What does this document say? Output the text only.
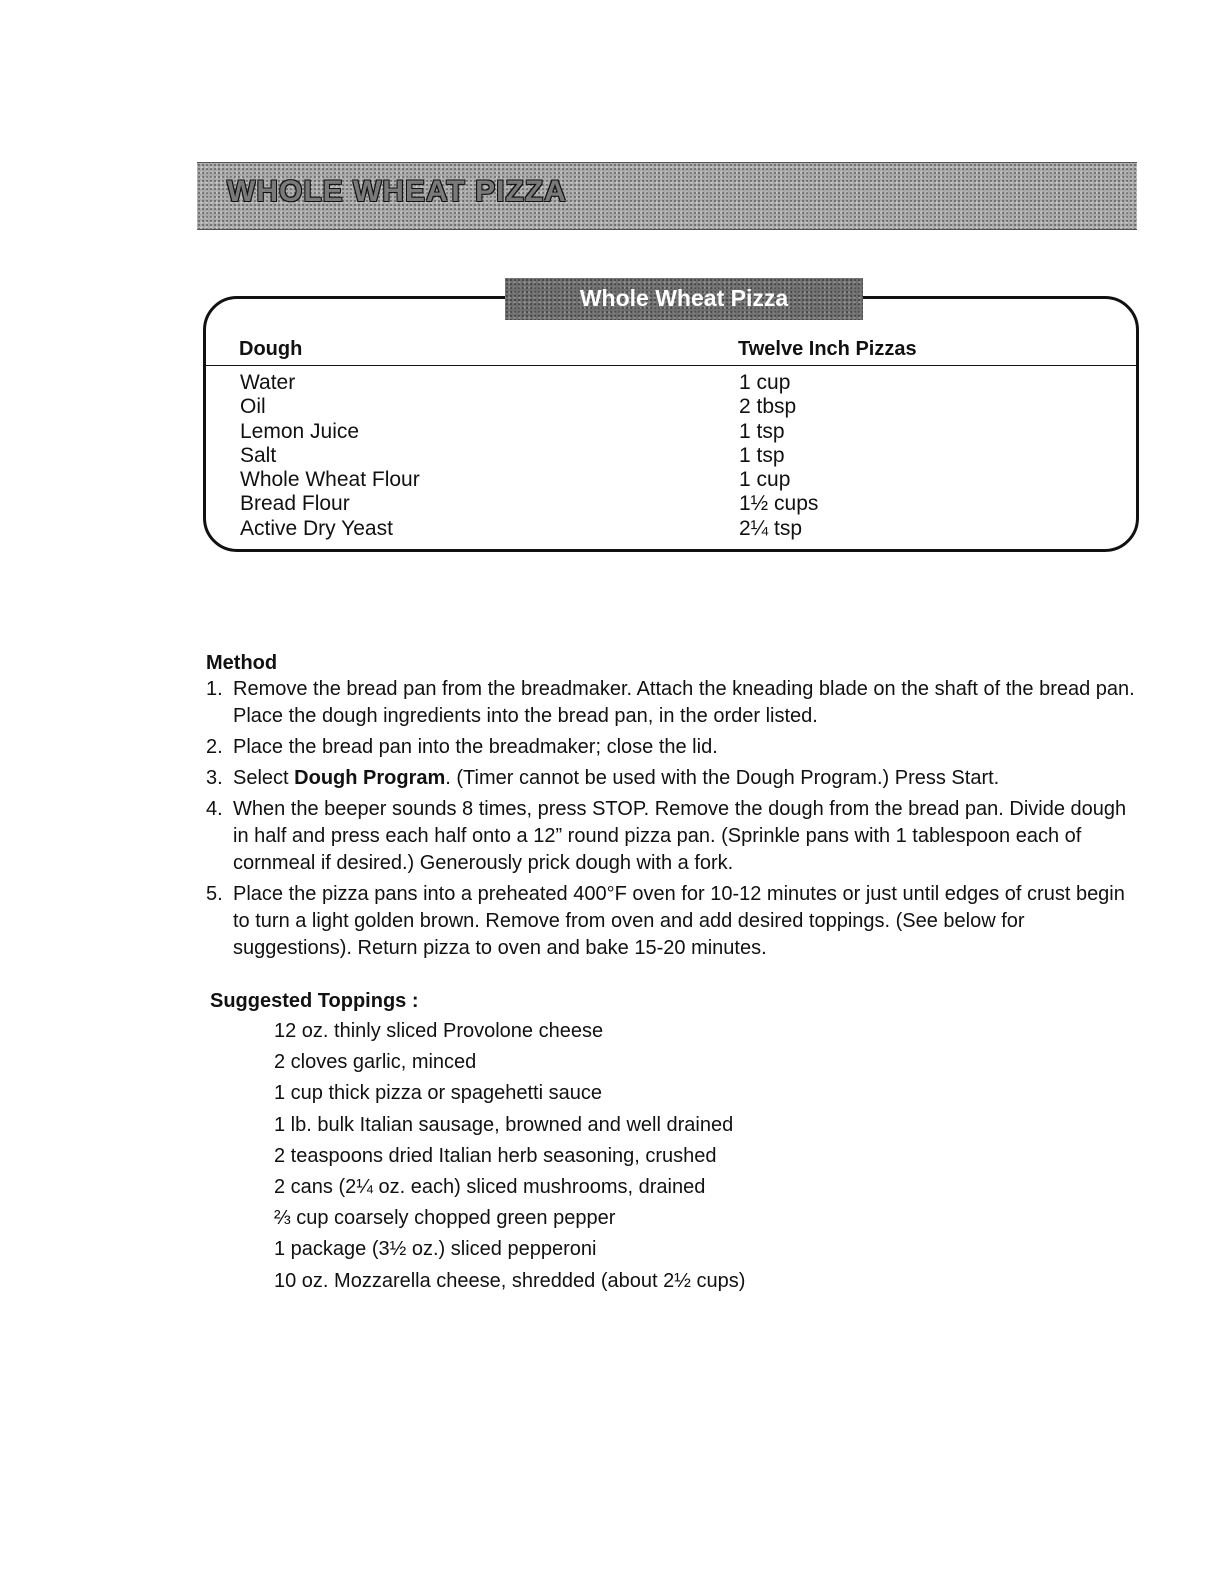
WHOLE WHEAT PIZZA
Whole Wheat Pizza
Dough	Twelve Inch Pizzas
Water
Oil
Lemon Juice
Salt
Whole Wheat Flour
Bread Flour
Active Dry Yeast
1 cup
2 tbsp
1 tsp
1 tsp
1 cup
1½ cups
2¼ tsp
Method
1. Remove the bread pan from the breadmaker. Attach the kneading blade on the shaft of the bread pan. Place the dough ingredients into the bread pan, in the order listed.
2. Place the bread pan into the breadmaker; close the lid.
3. Select Dough Program. (Timer cannot be used with the Dough Program.) Press Start.
4. When the beeper sounds 8 times, press STOP. Remove the dough from the bread pan. Divide dough in half and press each half onto a 12” round pizza pan. (Sprinkle pans with 1 tablespoon each of cornmeal if desired.) Generously prick dough with a fork.
5. Place the pizza pans into a preheated 400°F oven for 10-12 minutes or just until edges of crust begin to turn a light golden brown. Remove from oven and add desired toppings. (See below for suggestions). Return pizza to oven and bake 15-20 minutes.
Suggested Toppings :
12 oz. thinly sliced Provolone cheese
2 cloves garlic, minced
1 cup thick pizza or spagehetti sauce
1 lb. bulk Italian sausage, browned and well drained
2 teaspoons dried Italian herb seasoning, crushed
2 cans (2¼ oz. each) sliced mushrooms, drained
⅔ cup coarsely chopped green pepper
1 package (3½ oz.) sliced pepperoni
10 oz. Mozzarella cheese, shredded (about 2½ cups)
